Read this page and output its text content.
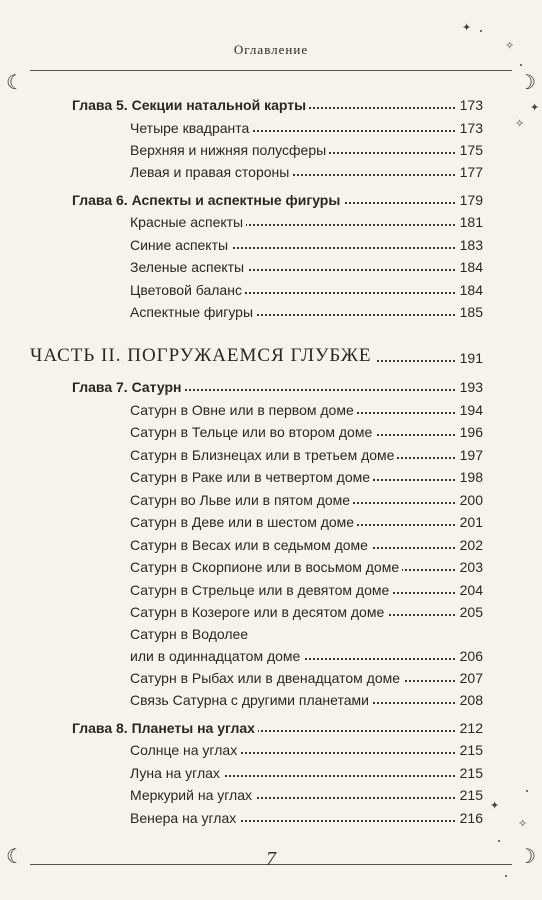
Оглавление
☾	☽
☾	☽
✦
✧
✦
✧
✦
✧
Глава 5. Секции натальной карты	173
Четыре квадранта	173
Верхняя и нижняя полусферы	175
Левая и правая стороны	177
Глава 6. Аспекты и аспектные фигуры	179
Красные аспекты	181
Синие аспекты	183
Зеленые аспекты	184
Цветовой баланс	184
Аспектные фигуры	185
ЧАСТЬ II. ПОГРУЖАЕМСЯ ГЛУБЖЕ	191
Глава 7. Сатурн	193
Сатурн в Овне или в первом доме	194
Сатурн в Тельце или во втором доме	196
Сатурн в Близнецах или в третьем доме	197
Сатурн в Раке или в четвертом доме	198
Сатурн во Льве или в пятом доме	200
Сатурн в Деве или в шестом доме	201
Сатурн в Весах или в седьмом доме	202
Сатурн в Скорпионе или в восьмом доме	203
Сатурн в Стрельце или в девятом доме	204
Сатурн в Козероге или в десятом доме	205
Сатурн в Водолее
или в одиннадцатом доме	206
Сатурн в Рыбах или в двенадцатом доме	207
Связь Сатурна с другими планетами	208
Глава 8. Планеты на углах	212
Солнце на углах	215
Луна на углах	215
Меркурий на углах	215
Венера на углах	216
7
